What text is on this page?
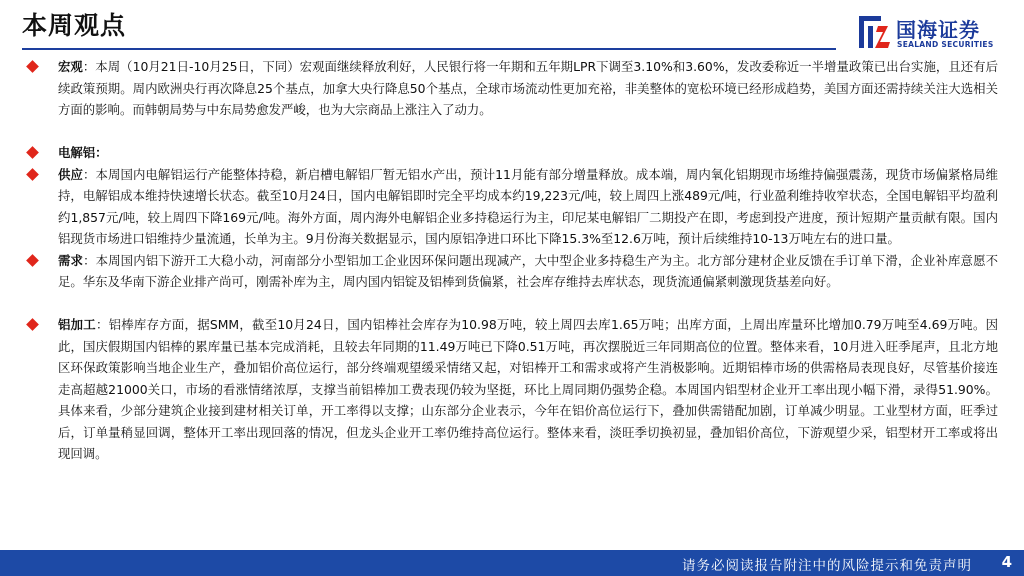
本周观点	国海证券
SEALAND SECURITIES
宏观：本周（10月21日-10月25日，下同）宏观面继续释放利好，人民银行将一年期和五年期LPR下调至3.10%和3.60%，发改委称近一半增量政策已出台实施，且还有后续政策预期。周内欧洲央行再次降息25个基点，加拿大央行降息50个基点，全球市场流动性更加充裕，非美整体的宽松环境已经形成趋势，美国方面还需持续关注大选相关方面的影响。而韩朝局势与中东局势愈发严峻，也为大宗商品上涨注入了动力。
电解铝：
供应：本周国内电解铝运行产能整体持稳，新启槽电解铝厂暂无铝水产出，预计11月能有部分增量释放。成本端，周内氧化铝期现市场维持偏强震荡，现货市场偏紧格局维持，电解铝成本维持快速增长状态。截至10月24日，国内电解铝即时完全平均成本约19,223元/吨，较上周四上涨489元/吨，行业盈利维持收窄状态，全国电解铝平均盈利约1,857元/吨，较上周四下降169元/吨。海外方面，周内海外电解铝企业多持稳运行为主，印尼某电解铝厂二期投产在即，考虑到投产进度，预计短期产量贡献有限。国内铝现货市场进口铝维持少量流通，长单为主。9月份海关数据显示，国内原铝净进口环比下降15.3%至12.6万吨，预计后续维持10-13万吨左右的进口量。
需求：本周国内铝下游开工大稳小动，河南部分小型铝加工企业因环保问题出现减产，大中型企业多持稳生产为主。北方部分建材企业反馈在手订单下滑，企业补库意愿不足。华东及华南下游企业排产尚可，刚需补库为主，周内国内铝锭及铝棒到货偏紧，社会库存维持去库状态，现货流通偏紧刺激现货基差向好。
铝加工：铝棒库存方面，据SMM，截至10月24日，国内铝棒社会库存为10.98万吨，较上周四去库1.65万吨；出库方面，上周出库量环比增加0.79万吨至4.69万吨。因此，国庆假期国内铝棒的累库量已基本完成消耗，且较去年同期的11.49万吨已下降0.51万吨，再次摆脱近三年同期高位的位置。整体来看，10月进入旺季尾声，且北方地区环保政策影响当地企业生产，叠加铝价高位运行，部分终端观望缓采情绪又起，对铝棒开工和需求或将产生消极影响。近期铝棒市场的供需格局表现良好，尽管基价接连走高超越21000关口，市场的看涨情绪浓厚，支撑当前铝棒加工费表现仍较为坚挺，环比上周同期仍强势企稳。本周国内铝型材企业开工率出现小幅下滑，录得51.90%。具体来看，少部分建筑企业接到建材相关订单，开工率得以支撑；山东部分企业表示，今年在铝价高位运行下，叠加供需错配加剧，订单减少明显。工业型材方面，旺季过后，订单量稍显回调，整体开工率出现回落的情况，但龙头企业开工率仍维持高位运行。整体来看，淡旺季切换初显，叠加铝价高位，下游观望少采，铝型材开工率或将出现回调。
请务必阅读报告附注中的风险提示和免责声明 4
